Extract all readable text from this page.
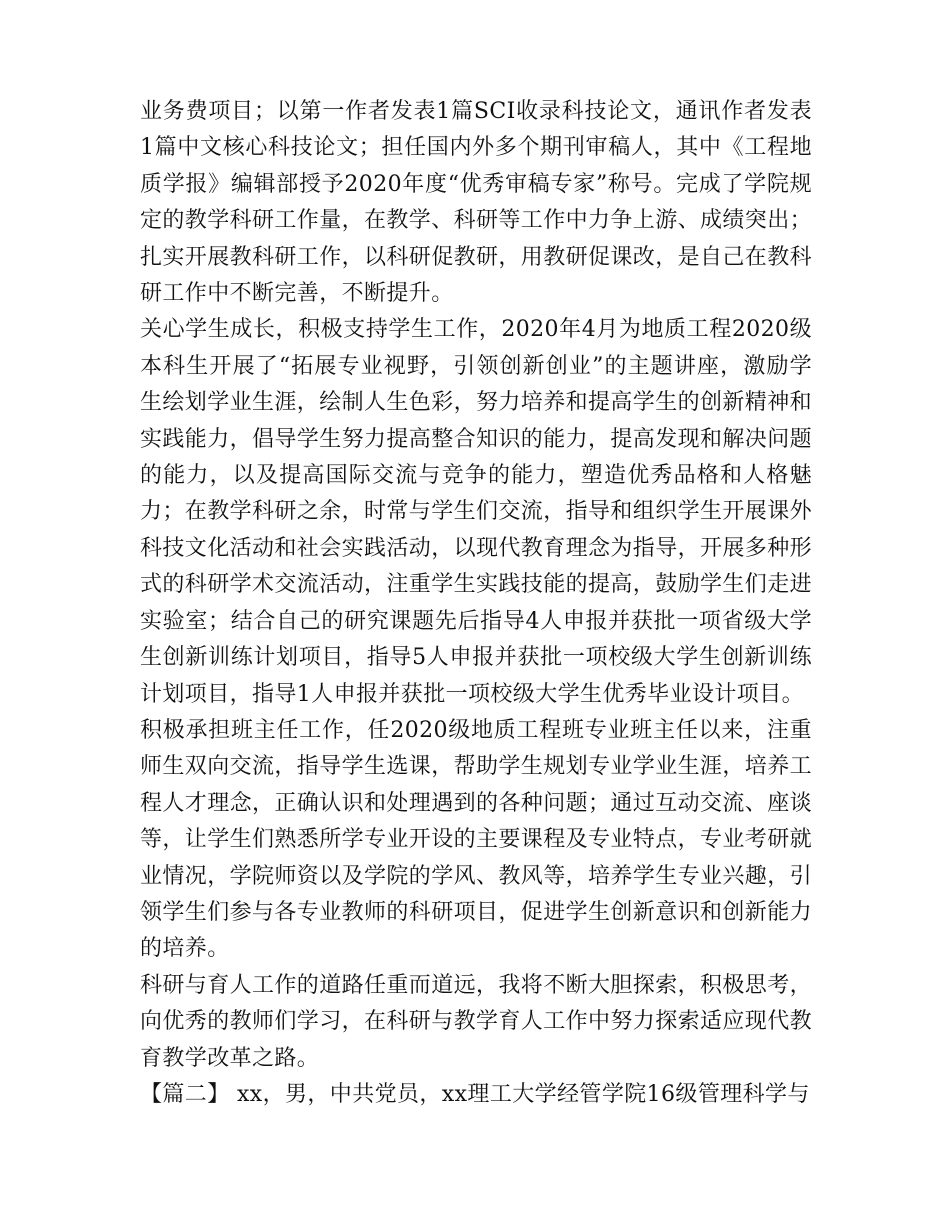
业务费项目；以第一作者发表1篇SCI收录科技论文，通讯作者发表1篇中文核心科技论文；担任国内外多个期刊审稿人，其中《工程地质学报》编辑部授予2020年度“优秀审稿专家”称号。完成了学院规定的教学科研工作量，在教学、科研等工作中力争上游、成绩突出；扎实开展教科研工作，以科研促教研，用教研促课改，是自己在教科研工作中不断完善，不断提升。

关心学生成长，积极支持学生工作，2020年4月为地质工程2020级本科生开展了“拓展专业视野，引领创新创业”的主题讲座，激励学生绘划学业生涯，绘制人生色彩，努力培养和提高学生的创新精神和实践能力，倡导学生努力提高整合知识的能力，提高发现和解决问题的能力，以及提高国际交流与竞争的能力，塑造优秀品格和人格魅力；在教学科研之余，时常与学生们交流，指导和组织学生开展课外科技文化活动和社会实践活动，以现代教育理念为指导，开展多种形式的科研学术交流活动，注重学生实践技能的提高，鼓励学生们走进实验室；结合自己的研究课题先后指导4人申报并获批一项省级大学生创新训练计划项目，指导5人申报并获批一项校级大学生创新训练计划项目，指导1人申报并获批一项校级大学生优秀毕业设计项目。

积极承担班主任工作，任2020级地质工程班专业班主任以来，注重师生双向交流，指导学生选课，帮助学生规划专业学业生涯，培养工程人才理念，正确认识和处理遇到的各种问题；通过互动交流、座谈等，让学生们熟悉所学专业开设的主要课程及专业特点，专业考研就业情况，学院师资以及学院的学风、教风等，培养学生专业兴趣，引领学生们参与各专业教师的科研项目，促进学生创新意识和创新能力的培养。

科研与育人工作的道路任重而道远，我将不断大胆探索，积极思考，向优秀的教师们学习，在科研与教学育人工作中努力探索适应现代教育教学改革之路。

【篇二】 xx，男，中共党员，xx理工大学经管学院16级管理科学与
